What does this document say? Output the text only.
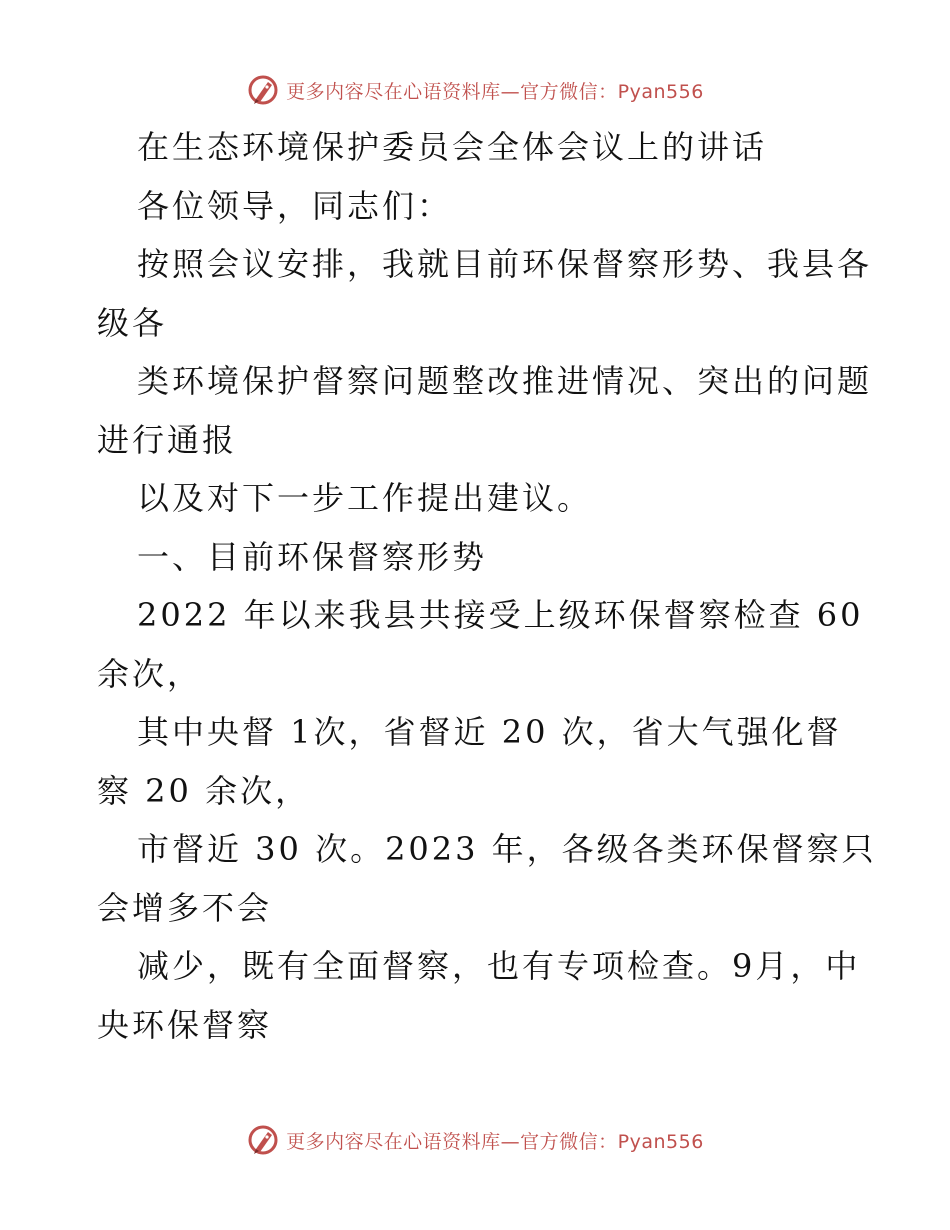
更多内容尽在心语资料库—官方微信：Pyan556

在生态环境保护委员会全体会议上的讲话

各位领导，同志们：

按照会议安排，我就目前环保督察形势、我县各

级各

类环境保护督察问题整改推进情况、突出的问题

进行通报

以及对下一步工作提出建议。

一、目前环保督察形势

2022 年以来我县共接受上级环保督察检查 60

余次，

其中央督 1次，省督近 20 次，省大气强化督

察 20 余次，

市督近 30 次。2023 年，各级各类环保督察只

会增多不会

减少，既有全面督察，也有专项检查。9月，中

央环保督察

更多内容尽在心语资料库—官方微信：Pyan556
